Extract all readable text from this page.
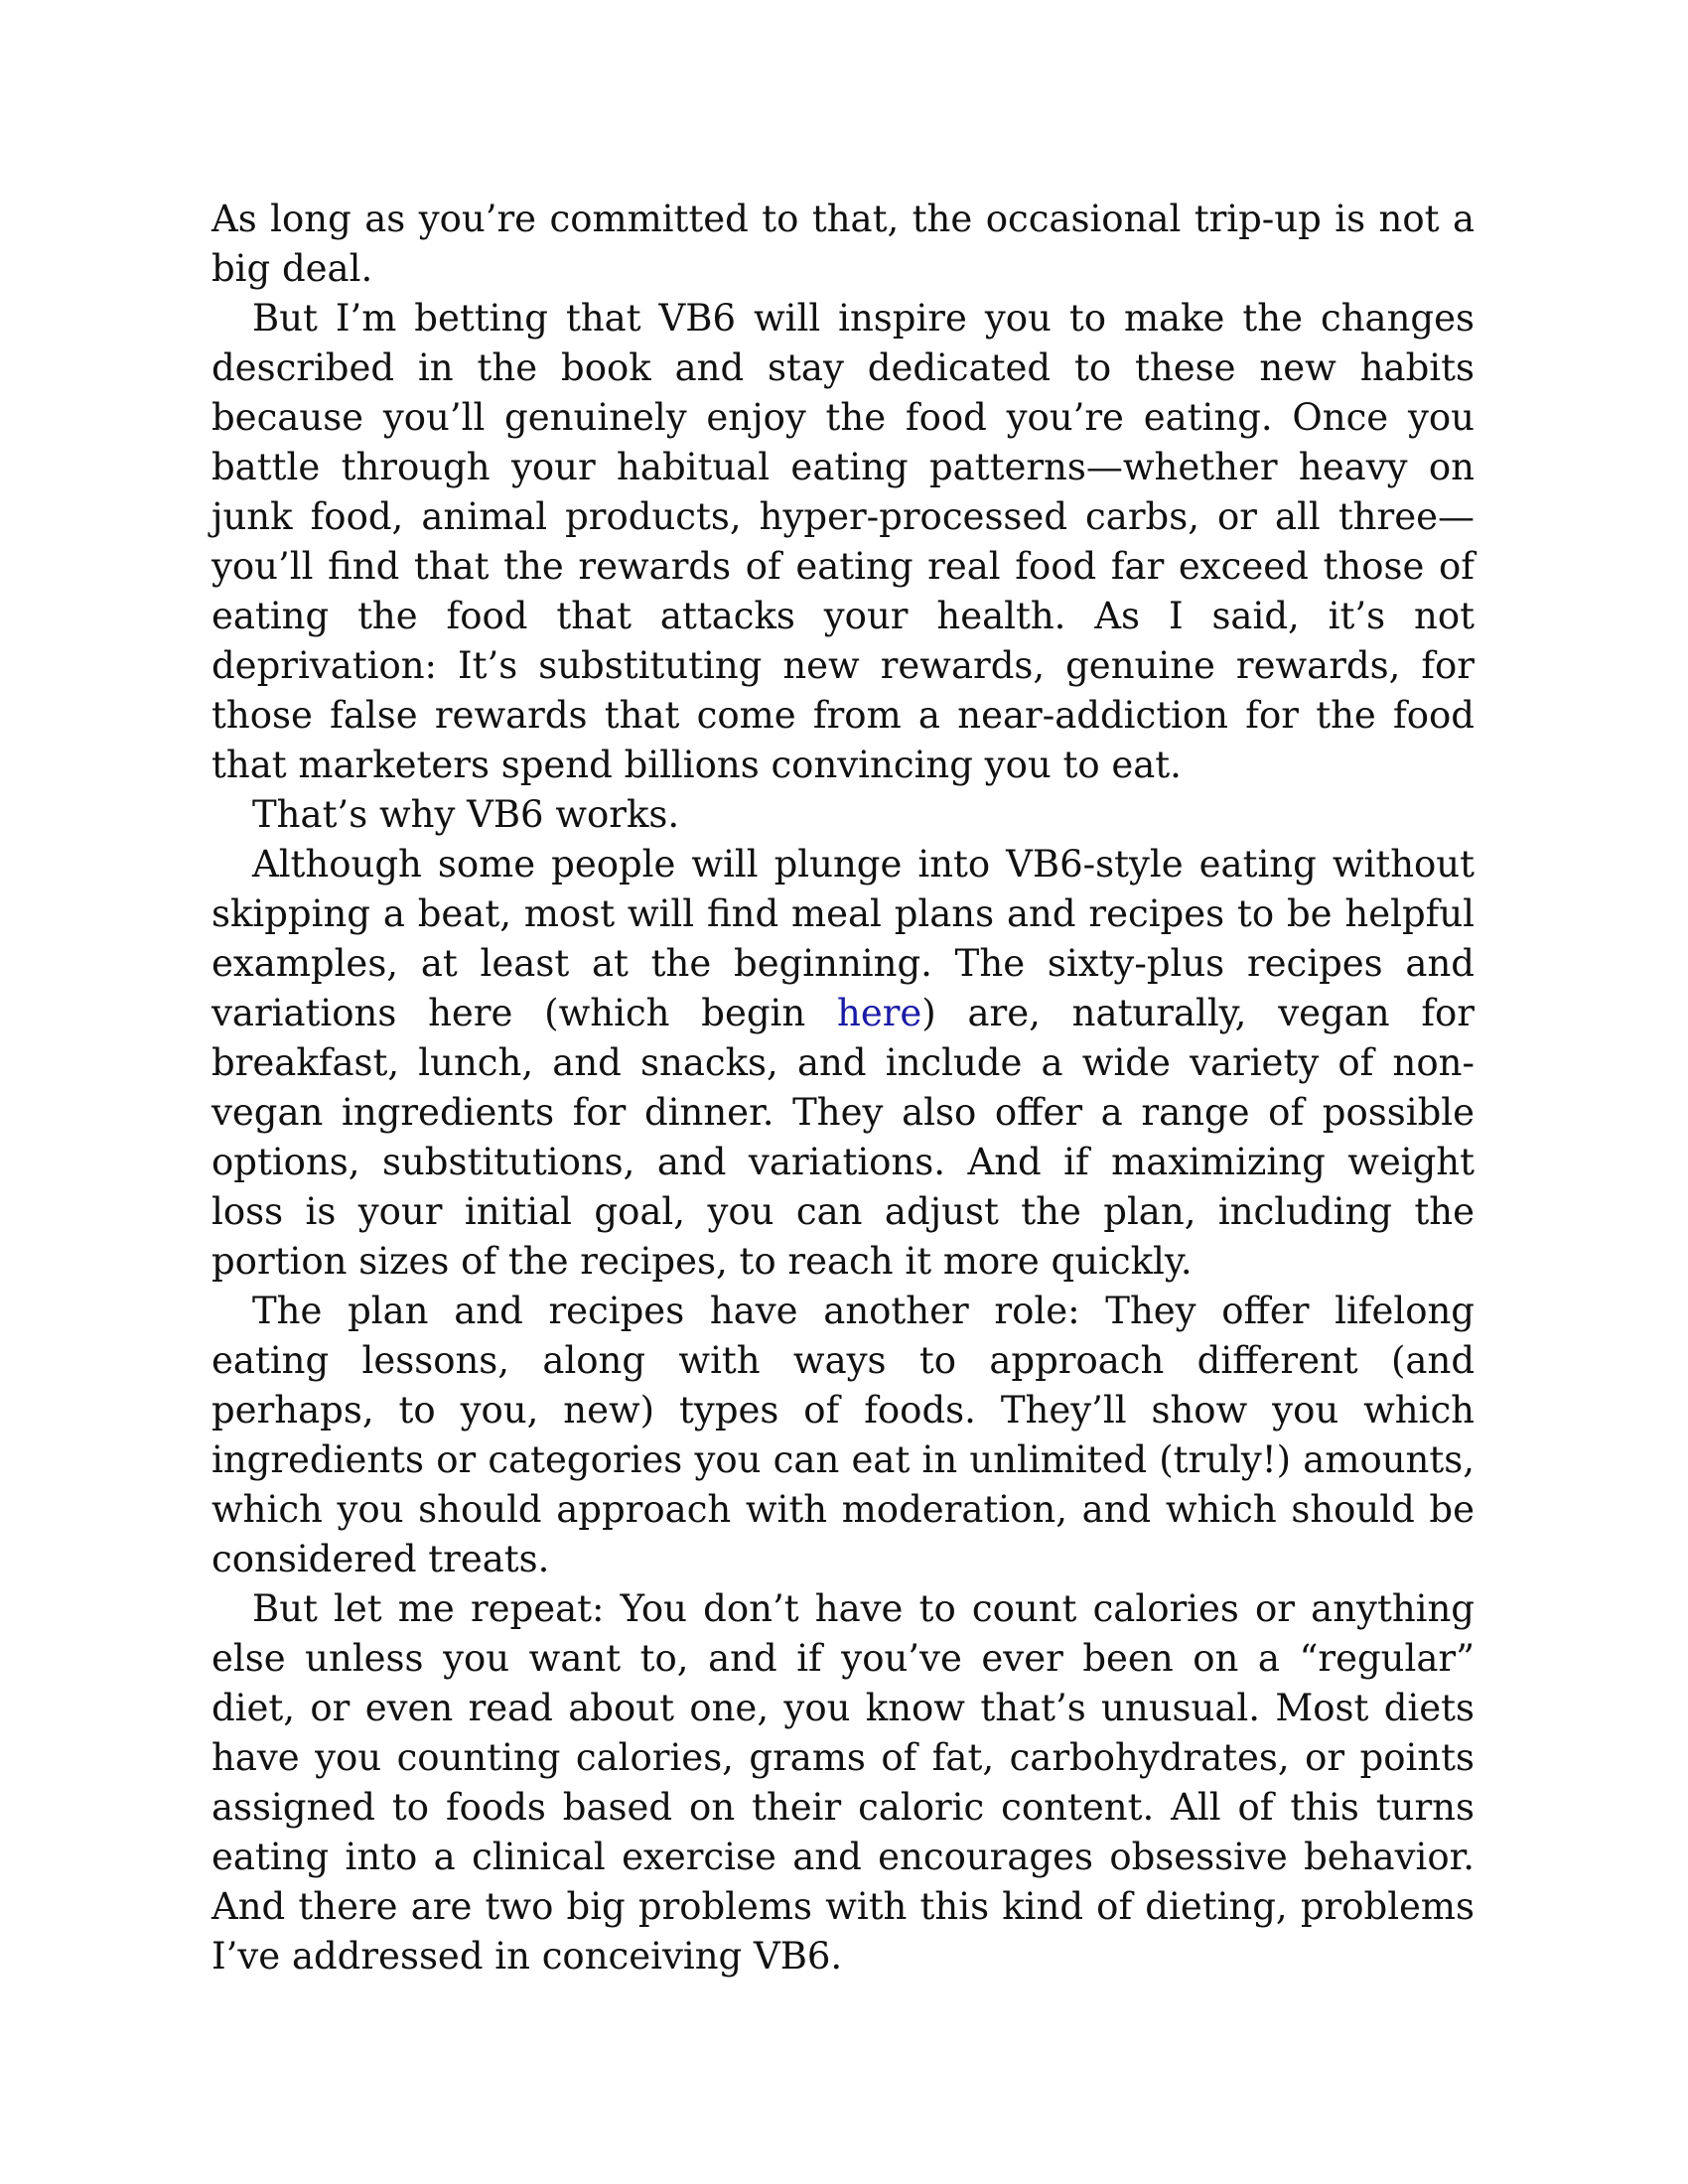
As long as you’re committed to that, the occasional trip-up is not a big deal.

But I’m betting that VB6 will inspire you to make the changes described in the book and stay dedicated to these new habits because you’ll genuinely enjoy the food you’re eating. Once you battle through your habitual eating patterns—whether heavy on junk food, animal products, hyper-processed carbs, or all three—you’ll find that the rewards of eating real food far exceed those of eating the food that attacks your health. As I said, it’s not deprivation: It’s substituting new rewards, genuine rewards, for those false rewards that come from a near-addiction for the food that marketers spend billions convincing you to eat.

That’s why VB6 works.

Although some people will plunge into VB6-style eating without skipping a beat, most will find meal plans and recipes to be helpful examples, at least at the beginning. The sixty-plus recipes and variations here (which begin here) are, naturally, vegan for breakfast, lunch, and snacks, and include a wide variety of non-vegan ingredients for dinner. They also offer a range of possible options, substitutions, and variations. And if maximizing weight loss is your initial goal, you can adjust the plan, including the portion sizes of the recipes, to reach it more quickly.

The plan and recipes have another role: They offer lifelong eating lessons, along with ways to approach different (and perhaps, to you, new) types of foods. They’ll show you which ingredients or categories you can eat in unlimited (truly!) amounts, which you should approach with moderation, and which should be considered treats.

But let me repeat: You don’t have to count calories or anything else unless you want to, and if you’ve ever been on a “regular” diet, or even read about one, you know that’s unusual. Most diets have you counting calories, grams of fat, carbohydrates, or points assigned to foods based on their caloric content. All of this turns eating into a clinical exercise and encourages obsessive behavior. And there are two big problems with this kind of dieting, problems I’ve addressed in conceiving VB6.
